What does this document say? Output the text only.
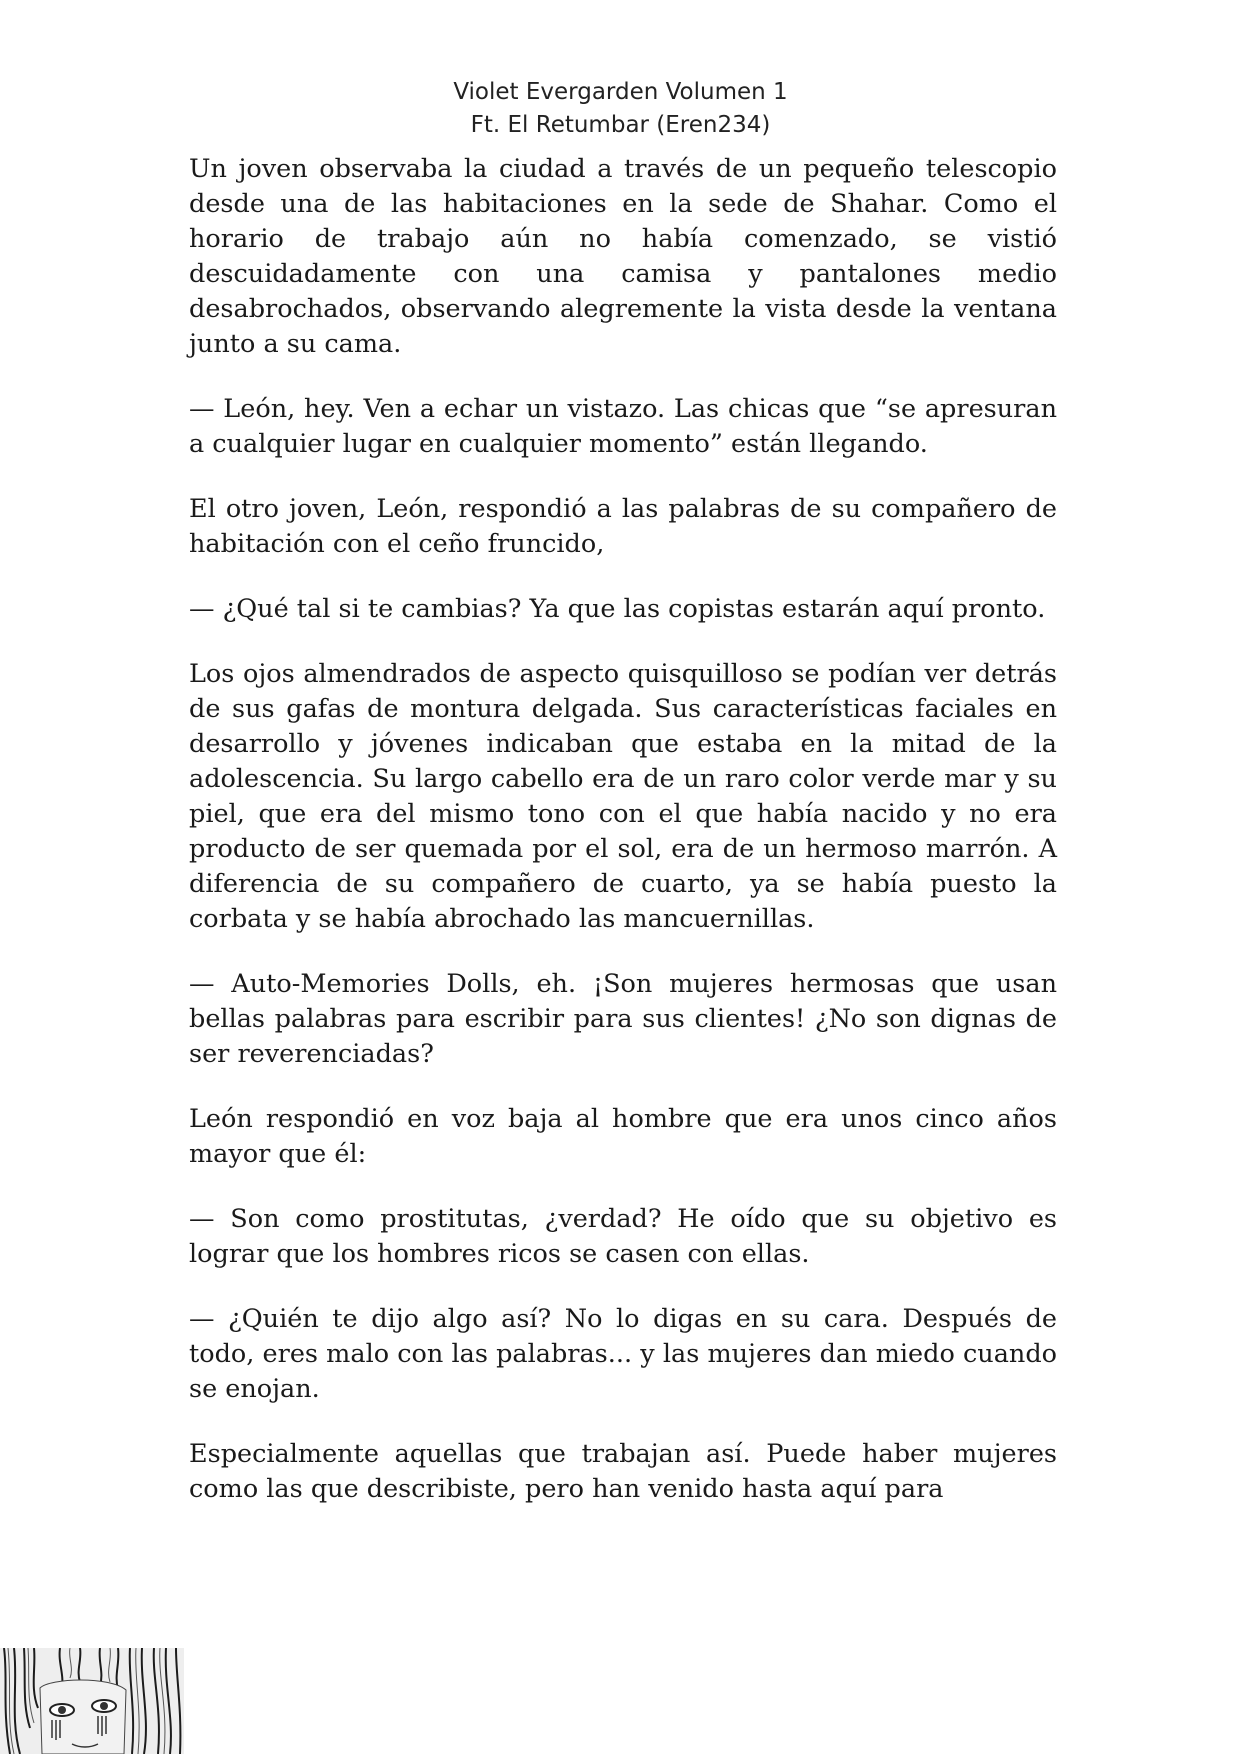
Violet Evergarden Volumen 1
Ft. El Retumbar (Eren234)

Un joven observaba la ciudad a través de un pequeño telescopio desde una de las habitaciones en la sede de Shahar. Como el horario de trabajo aún no había comenzado, se vistió descuidadamente con una camisa y pantalones medio desabrochados, observando alegremente la vista desde la ventana junto a su cama.

— León, hey. Ven a echar un vistazo. Las chicas que “se apresuran a cualquier lugar en cualquier momento” están llegando.

El otro joven, León, respondió a las palabras de su compañero de habitación con el ceño fruncido,

— ¿Qué tal si te cambias? Ya que las copistas estarán aquí pronto.

Los ojos almendrados de aspecto quisquilloso se podían ver detrás de sus gafas de montura delgada. Sus características faciales en desarrollo y jóvenes indicaban que estaba en la mitad de la adolescencia. Su largo cabello era de un raro color verde mar y su piel, que era del mismo tono con el que había nacido y no era producto de ser quemada por el sol, era de un hermoso marrón. A diferencia de su compañero de cuarto, ya se había puesto la corbata y se había abrochado las mancuernillas.

— Auto-Memories Dolls, eh. ¡Son mujeres hermosas que usan bellas palabras para escribir para sus clientes! ¿No son dignas de ser reverenciadas?

León respondió en voz baja al hombre que era unos cinco años mayor que él:

— Son como prostitutas, ¿verdad? He oído que su objetivo es lograr que los hombres ricos se casen con ellas.

— ¿Quién te dijo algo así? No lo digas en su cara. Después de todo, eres malo con las palabras... y las mujeres dan miedo cuando se enojan.

Especialmente aquellas que trabajan así. Puede haber mujeres como las que describiste, pero han venido hasta aquí para
